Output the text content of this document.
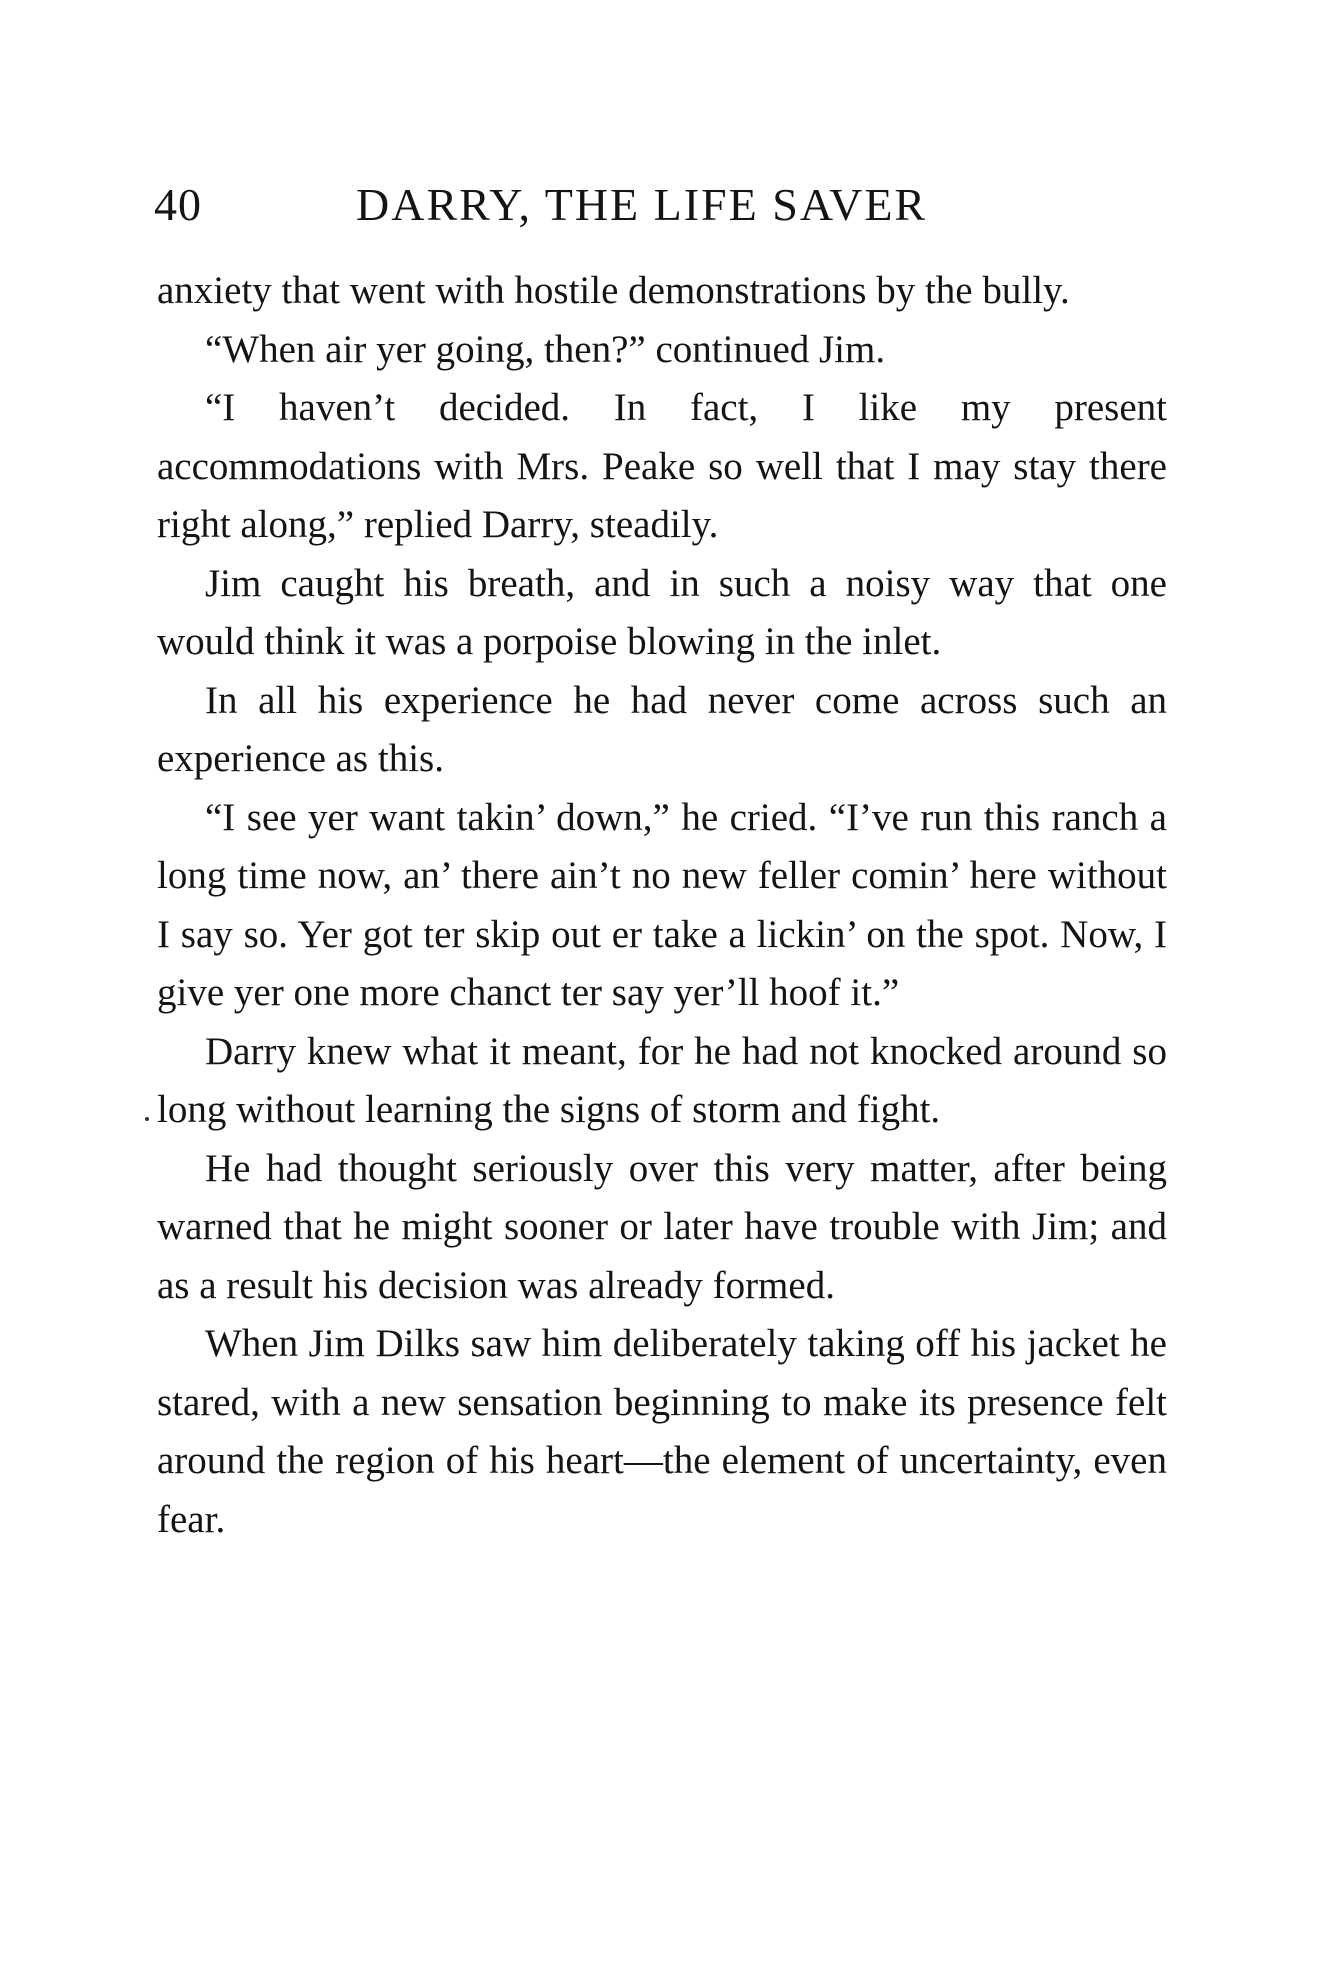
40	DARRY, THE LIFE SAVER

anxiety that went with hostile demonstrations by the bully.

“When air yer going, then?” continued Jim.

“I haven’t decided. In fact, I like my present accommodations with Mrs. Peake so well that I may stay there right along,” replied Darry, steadily.

Jim caught his breath, and in such a noisy way that one would think it was a porpoise blowing in the inlet.

In all his experience he had never come across such an experience as this.

“I see yer want takin’ down,” he cried. “I’ve run this ranch a long time now, an’ there ain’t no new feller comin’ here without I say so. Yer got ter skip out er take a lickin’ on the spot. Now, I give yer one more chanct ter say yer’ll hoof it.”

Darry knew what it meant, for he had not knocked around so long without learning the signs of storm and fight.

He had thought seriously over this very matter, after being warned that he might sooner or later have trouble with Jim; and as a result his decision was already formed.

When Jim Dilks saw him deliberately taking off his jacket he stared, with a new sensation beginning to make its presence felt around the region of his heart—the element of uncertainty, even fear.
